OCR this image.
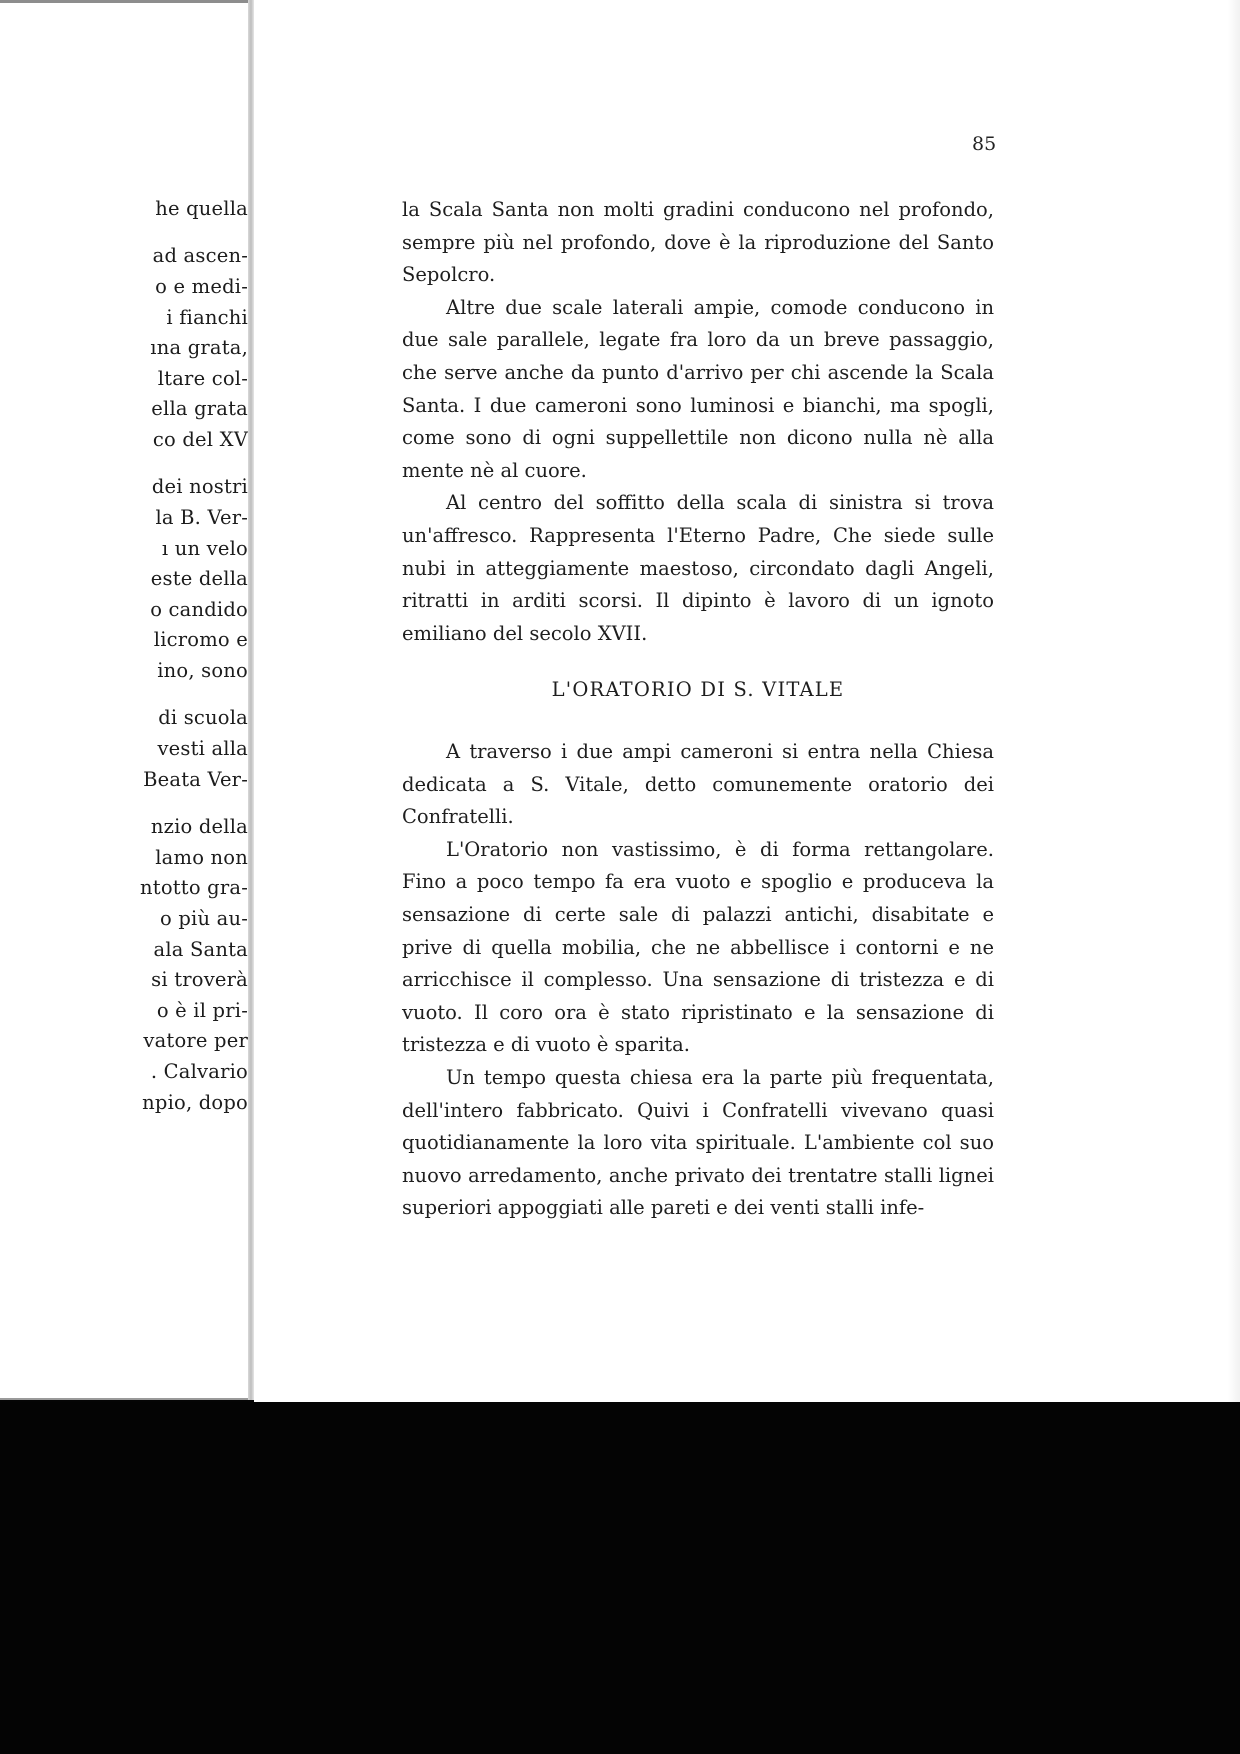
he quella
ad ascen-
o e medi-
i fianchi
ına grata,
ltare col-
ella grata
co del XV
dei nostri
la B. Ver-
ı un velo
este della
o candido
licromo e
ino, sono
di scuola
vesti alla
Beata Ver-
nzio della
lamo non
ntotto gra-
o più au-
ala Santa
si troverà
o è il pri-
vatore per
. Calvario
npio, dopo
85

la Scala Santa non molti gradini conducono nel profondo, sempre più nel profondo, dove è la riproduzione del Santo Sepolcro.

Altre due scale laterali ampie, comode conducono in due sale parallele, legate fra loro da un breve passaggio, che serve anche da punto d'arrivo per chi ascende la Scala Santa. I due cameroni sono luminosi e bianchi, ma spogli, come sono di ogni suppellettile non dicono nulla nè alla mente nè al cuore.

Al centro del soffitto della scala di sinistra si trova un'affresco. Rappresenta l'Eterno Padre, Che siede sulle nubi in atteggiamente maestoso, circondato dagli Angeli, ritratti in arditi scorsi. Il dipinto è lavoro di un ignoto emiliano del secolo XVII.

L'ORATORIO DI S. VITALE

A traverso i due ampi cameroni si entra nella Chiesa dedicata a S. Vitale, detto comunemente oratorio dei Confratelli.

L'Oratorio non vastissimo, è di forma rettangolare. Fino a poco tempo fa era vuoto e spoglio e produceva la sensazione di certe sale di palazzi antichi, disabitate e prive di quella mobilia, che ne abbellisce i contorni e ne arricchisce il complesso. Una sensazione di tristezza e di vuoto. Il coro ora è stato ripristinato e la sensazione di tristezza e di vuoto è sparita.

Un tempo questa chiesa era la parte più frequentata, dell'intero fabbricato. Quivi i Confratelli vivevano quasi quotidianamente la loro vita spirituale. L'ambiente col suo nuovo arredamento, anche privato dei trentatre stalli lignei superiori appoggiati alle pareti e dei venti stalli infe-
